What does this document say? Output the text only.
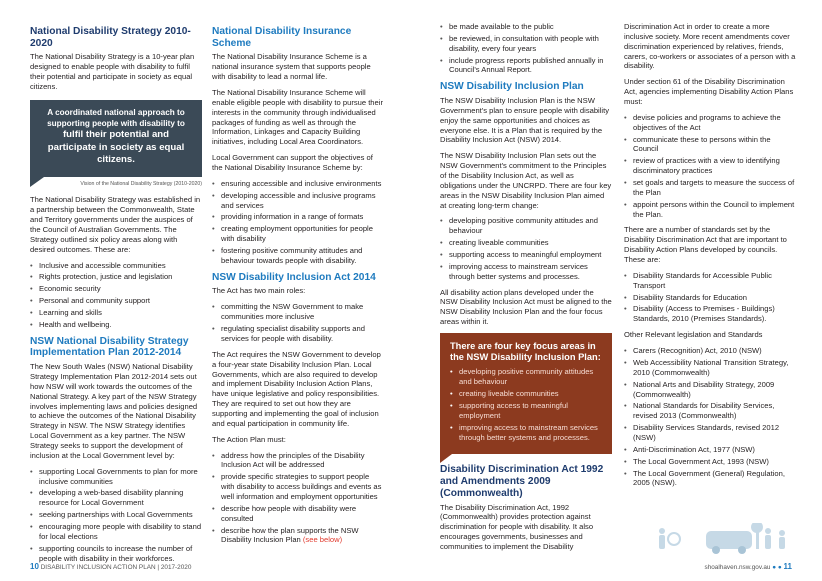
National Disability Strategy 2010-2020

The National Disability Strategy is a 10-year plan designed to enable people with disability to fulfil their potential and participate in society as equal citizens.

A coordinated national approach to supporting people with disability to
fulfil their potential and participate in society as equal citizens.

Vision of the National Disability Strategy (2010-2020)

The National Disability Strategy was established in a partnership between the Commonwealth, State and Territory governments under the auspices of the Council of Australian Governments. The Strategy outlined six policy areas along with desired outcomes. These are:

• Inclusive and accessible communities
• Rights protection, justice and legislation
• Economic security
• Personal and community support
• Learning and skills
• Health and wellbeing.
NSW National Disability Strategy Implementation Plan 2012-2014

The New South Wales (NSW) National Disability Strategy Implementation Plan 2012-2014 sets out how NSW will work towards the outcomes of the National Strategy. A key part of the NSW Strategy involves implementing laws and policies designed to achieve the outcomes of the National Disability Strategy in NSW. The NSW Strategy identifies Local Government as a key partner. The NSW Strategy seeks to support the development of inclusion at the Local Government level by:

• supporting Local Governments to plan for more inclusive communities
• developing a web-based disability planning resource for Local Government
• seeking partnerships with Local Governments
• encouraging more people with disability to stand for local elections
• supporting councils to increase the number of people with disability in their workforces.
National Disability Insurance Scheme

The National Disability Insurance Scheme is a national insurance system that supports people with disability to lead a normal life.

The National Disability Insurance Scheme will enable eligible people with disability to pursue their interests in the community through individualised packages of funding as well as through the Information, Linkages and Capacity Building initiatives, including Local Area Coordinators.

Local Government can support the objectives of the National Disability Insurance Scheme by:

• ensuring accessible and inclusive environments
• developing accessible and inclusive programs and services
• providing information in a range of formats
• creating employment opportunities for people with disability
• fostering positive community attitudes and behaviour towards people with disability.
NSW Disability Inclusion Act 2014

The Act has two main roles:

• committing the NSW Government to make communities more inclusive
• regulating specialist disability supports and services for people with disability.

The Act requires the NSW Government to develop a four-year state Disability Inclusion Plan. Local Governments, which are also required to develop and implement Disability Inclusion Action Plans, have unique legislative and policy responsibilities. They are required to set out how they are supporting and implementing the goal of inclusion and equal participation in community life.

The Action Plan must:

• address how the principles of the Disability Inclusion Act will be addressed
• provide specific strategies to support people with disability to access buildings and events as well information and employment opportunities
• describe how people with disability were consulted
• describe how the plan supports the NSW Disability Inclusion Plan (see below)
• be made available to the public
• be reviewed, in consultation with people with disability, every four years
• include progress reports published annually in Council's Annual Report.
NSW Disability Inclusion Plan

The NSW Disability Inclusion Plan is the NSW Government's plan to ensure people with disability enjoy the same opportunities and choices as everyone else. It is a Plan that is required by the Disability Inclusion Act (NSW) 2014.

The NSW Disability Inclusion Plan sets out the NSW Government's commitment to the Principles of the Disability Inclusion Act, as well as obligations under the UNCRPD. There are four key areas in the NSW Disability Inclusion Plan aimed at creating long-term change:

• developing positive community attitudes and behaviour
• creating liveable communities
• supporting access to meaningful employment
• improving access to mainstream services through better systems and processes.

All disability action plans developed under the NSW Disability Inclusion Act must be aligned to the NSW Disability Inclusion Plan and the four focus areas within it.

There are four key focus areas in the NSW Disability Inclusion Plan:
• developing positive community attitudes and behaviour
• creating liveable communities
• supporting access to meaningful employment
• improving access to mainstream services through better systems and processes.
Disability Discrimination Act 1992 and Amendments 2009 (Commonwealth)

The Disability Discrimination Act, 1992 (Commonwealth) provides protection against discrimination for people with disability. It also encourages governments, businesses and communities to implement the Disability

Discrimination Act in order to create a more inclusive society. More recent amendments cover discrimination experienced by relatives, friends, carers, co-workers or associates of a person with a disability.

Under section 61 of the Disability Discrimination Act, agencies implementing Disability Action Plans must:

• devise policies and programs to achieve the objectives of the Act
• communicate these to persons within the Council
• review of practices with a view to identifying discriminatory practices
• set goals and targets to measure the success of the Plan
• appoint persons within the Council to implement the Plan.

There are a number of standards set by the Disability Discrimination Act that are important to Disability Action Plans developed by councils. These are:

• Disability Standards for Accessible Public Transport
• Disability Standards for Education
• Disability (Access to Premises - Buildings) Standards, 2010 (Premises Standards).

Other Relevant legislation and Standards

• Carers (Recognition) Act, 2010 (NSW)
• Web Accessibility National Transition Strategy, 2010 (Commonwealth)
• National Arts and Disability Strategy, 2009 (Commonwealth)
• National Standards for Disability Services, revised 2013 (Commonwealth)
• Disability Services Standards, revised 2012 (NSW)
• Anti-Discrimination Act, 1977 (NSW)
• The Local Government Act, 1993 (NSW)
• The Local Government (General) Regulation, 2005 (NSW).
10 DISABILITY INCLUSION ACTION PLAN | 2017-2020	shoalhaven.nsw.gov.au ● ● 11
